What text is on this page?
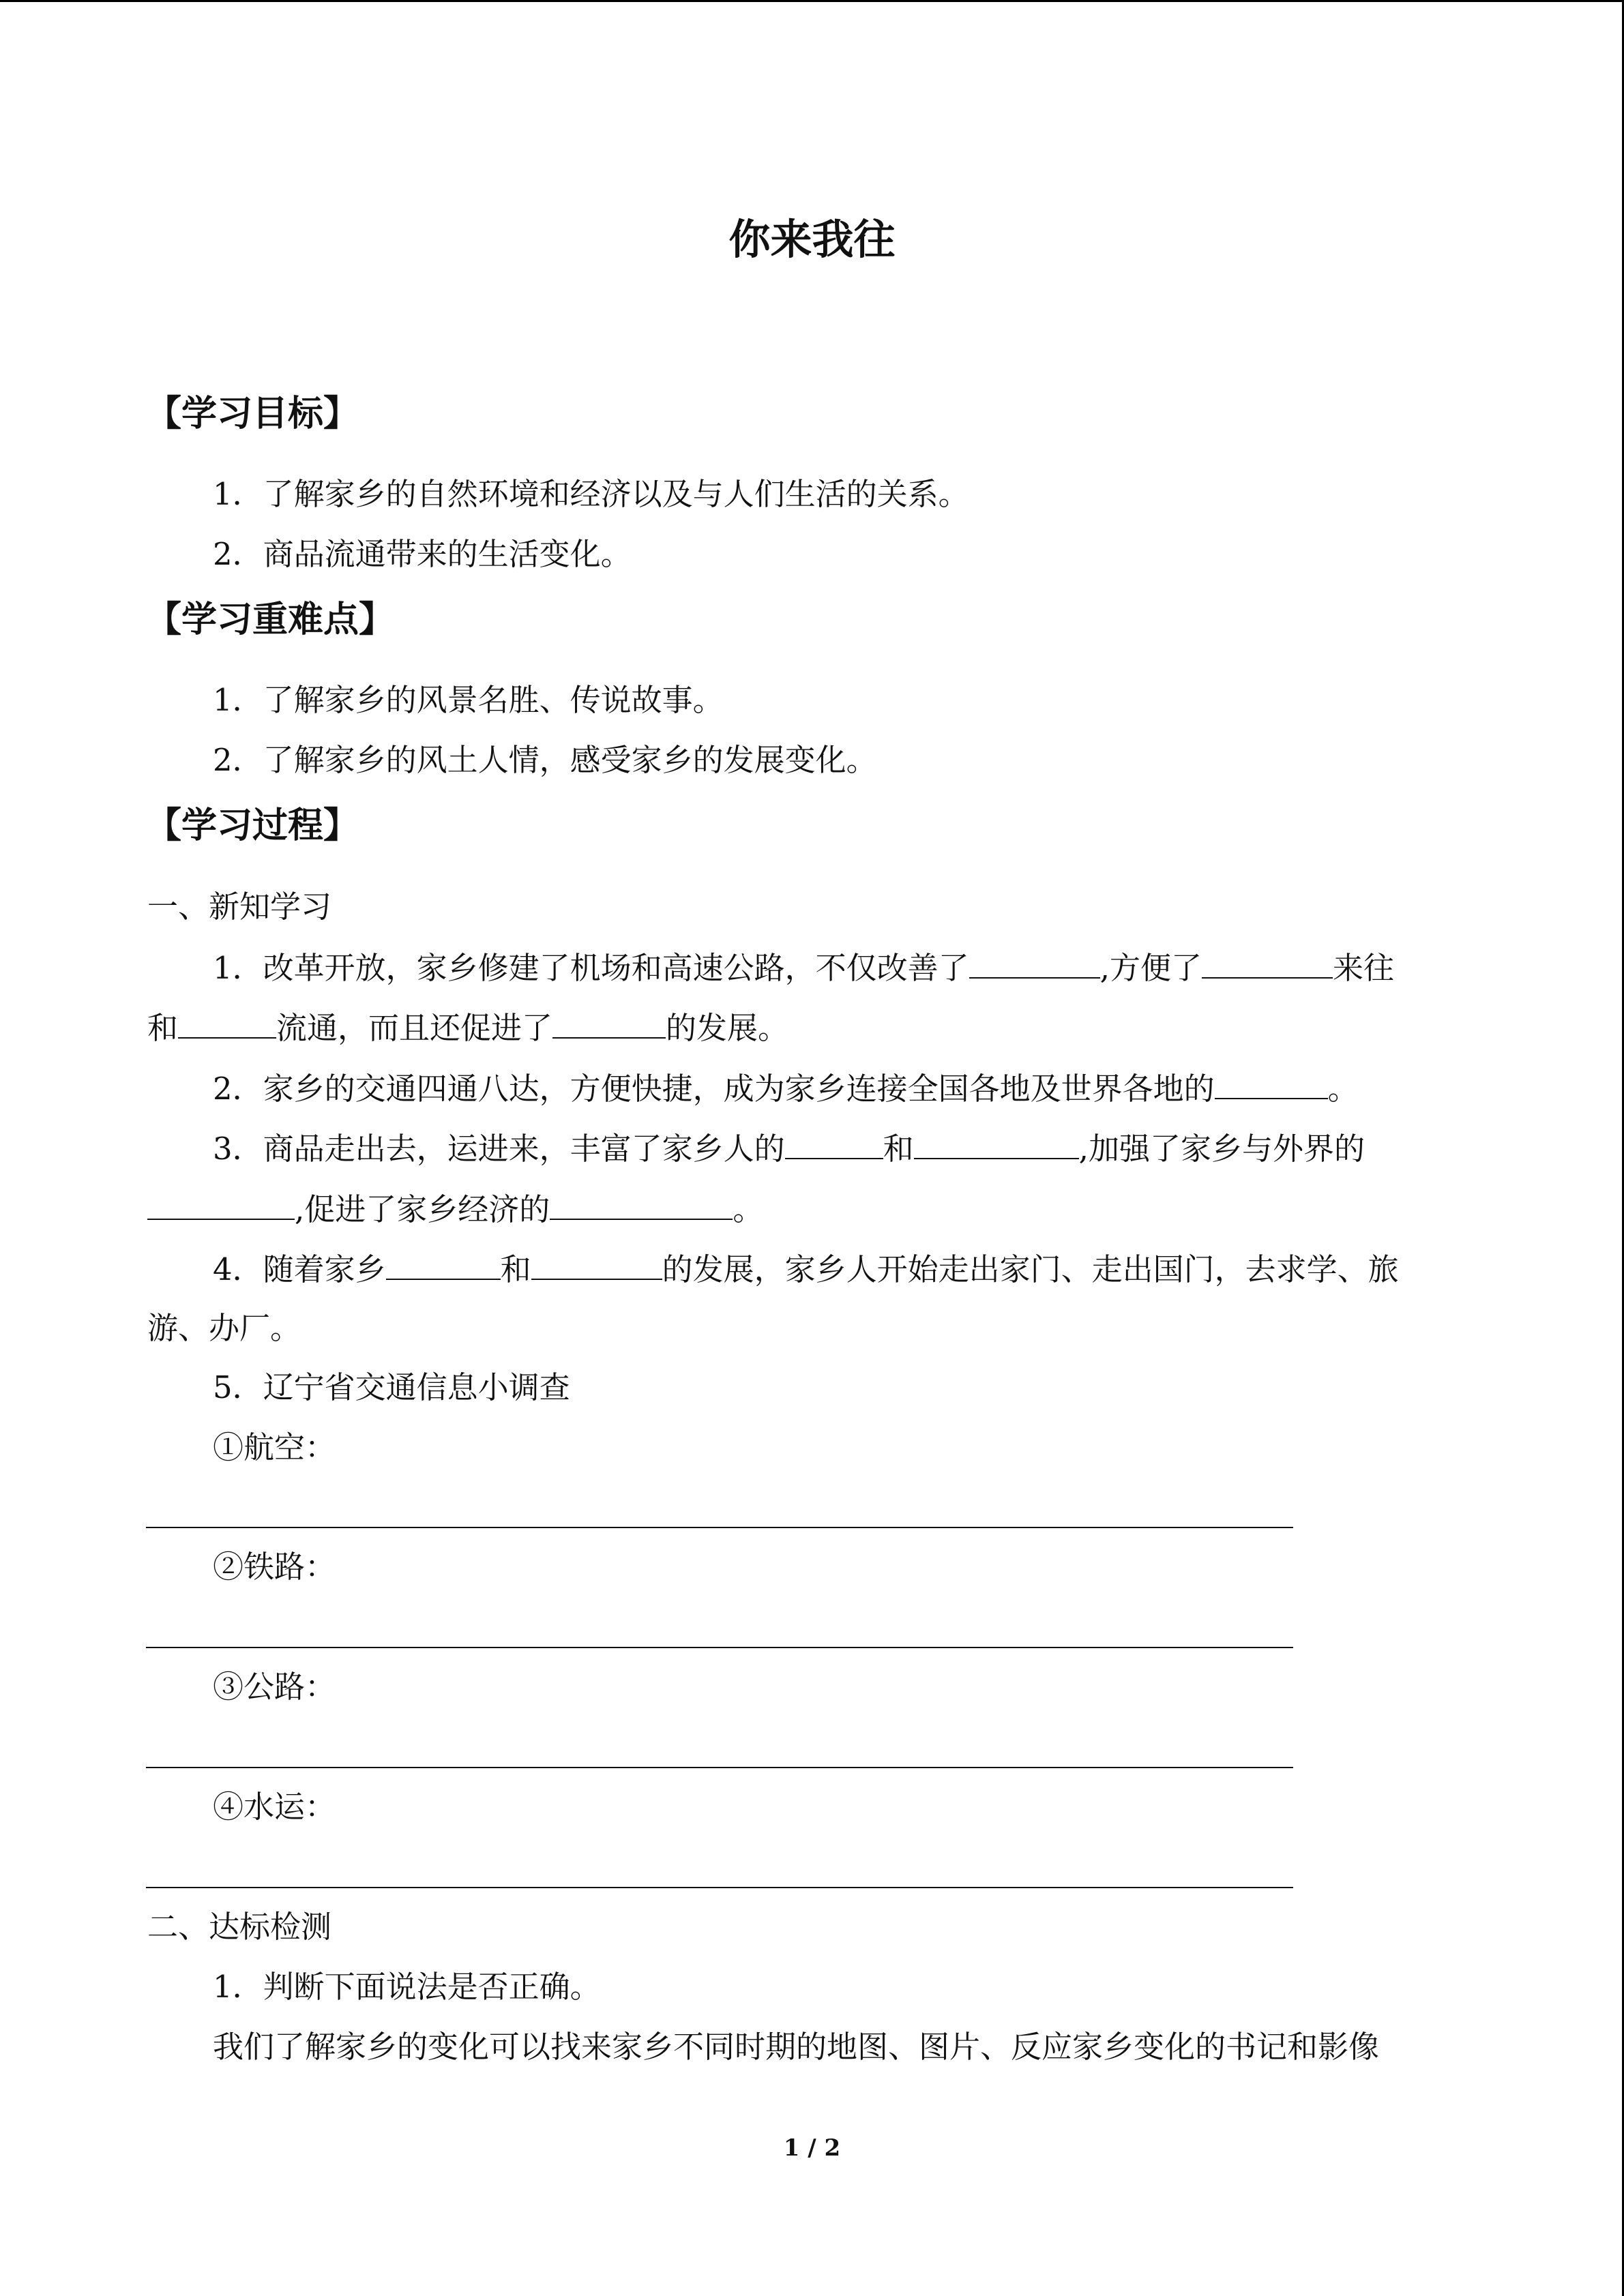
你来我往
【学习目标】
1．了解家乡的自然环境和经济以及与人们生活的关系。
2．商品流通带来的生活变化。
【学习重难点】
1．了解家乡的风景名胜、传说故事。
2．了解家乡的风土人情，感受家乡的发展变化。
【学习过程】
一、新知学习
1．改革开放，家乡修建了机场和高速公路，不仅改善了	,方便了	来往
和	流通，而且还促进了	的发展。
2．家乡的交通四通八达，方便快捷，成为家乡连接全国各地及世界各地的	。
3．商品走出去，运进来，丰富了家乡人的	和	,加强了家乡与外界的
,促进了家乡经济的	。
4．随着家乡	和	的发展，家乡人开始走出家门、走出国门，去求学、旅
游、办厂。
5．辽宁省交通信息小调查
①航空：
②铁路：
③公路：
④水运：
二、达标检测
1．判断下面说法是否正确。
我们了解家乡的变化可以找来家乡不同时期的地图、图片、反应家乡变化的书记和影像
1 / 2
